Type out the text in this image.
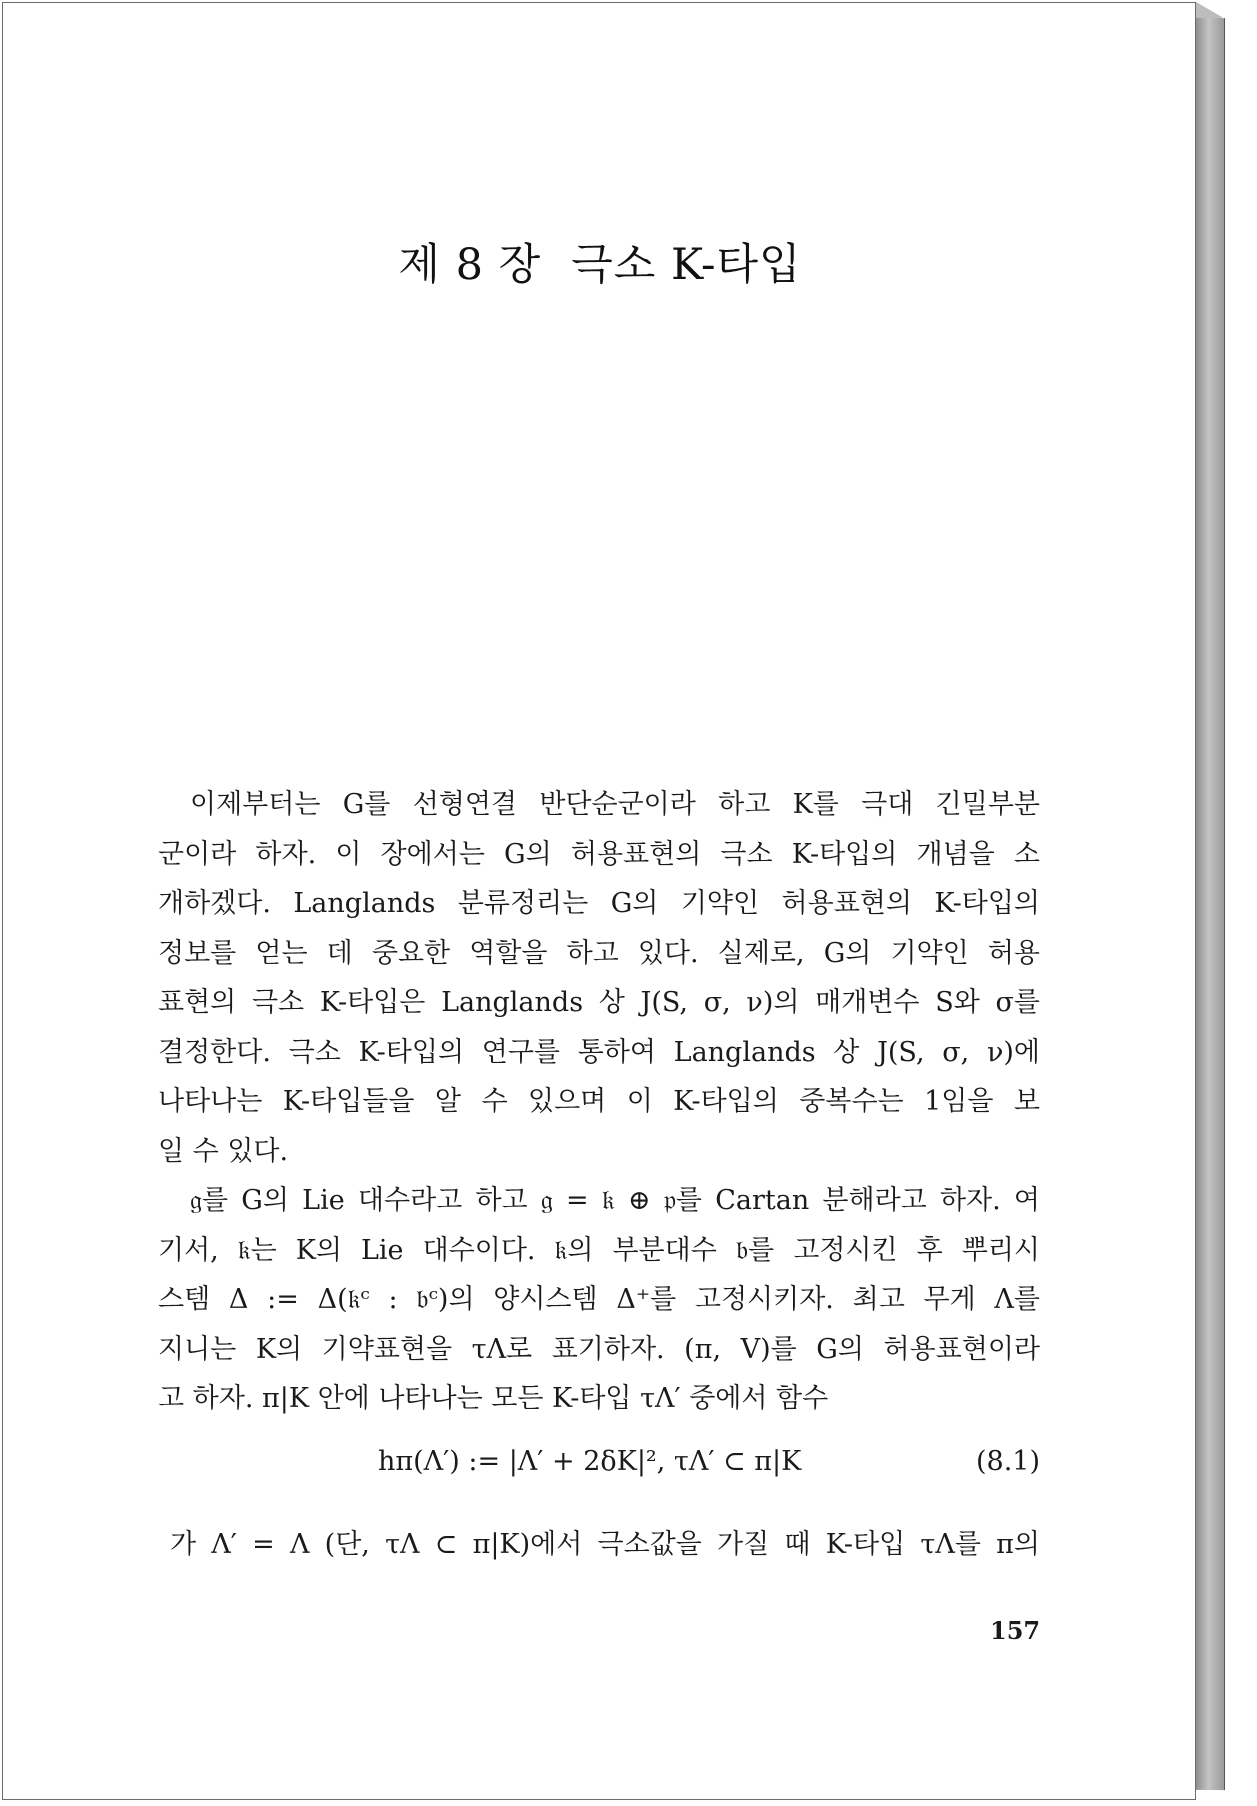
제 8 장 극소 K-타입
이제부터는 G를 선형연결 반단순군이라 하고 K를 극대 긴밀부분
군이라 하자. 이 장에서는 G의 허용표현의 극소 K-타입의 개념을 소
개하겠다. Langlands 분류정리는 G의 기약인 허용표현의 K-타입의
정보를 얻는 데 중요한 역할을 하고 있다. 실제로, G의 기약인 허용
표현의 극소 K-타입은 Langlands 상 J(S, σ, ν)의 매개변수 S와 σ를
결정한다. 극소 K-타입의 연구를 통하여 Langlands 상 J(S, σ, ν)에
나타나는 K-타입들을 알 수 있으며 이 K-타입의 중복수는 1임을 보
일 수 있다.
𝔤를 G의 Lie 대수라고 하고 𝔤 = 𝔨 ⊕ 𝔭를 Cartan 분해라고 하자. 여
기서, 𝔨는 K의 Lie 대수이다. 𝔨의 부분대수 𝔟를 고정시킨 후 뿌리시
스템 Δ := Δ(𝔨ᶜ : 𝔟ᶜ)의 양시스템 Δ⁺를 고정시키자. 최고 무게 Λ를
지니는 K의 기약표현을 τΛ로 표기하자. (π, V)를 G의 허용표현이라
고 하자. π|K 안에 나타나는 모든 K-타입 τΛ′ 중에서 함수
hπ(Λ′) := |Λ′ + 2δK|², τΛ′ ⊂ π|K	(8.1)
가 Λ′ = Λ (단, τΛ ⊂ π|K)에서 극소값을 가질 때 K-타입 τΛ를 π의
157
